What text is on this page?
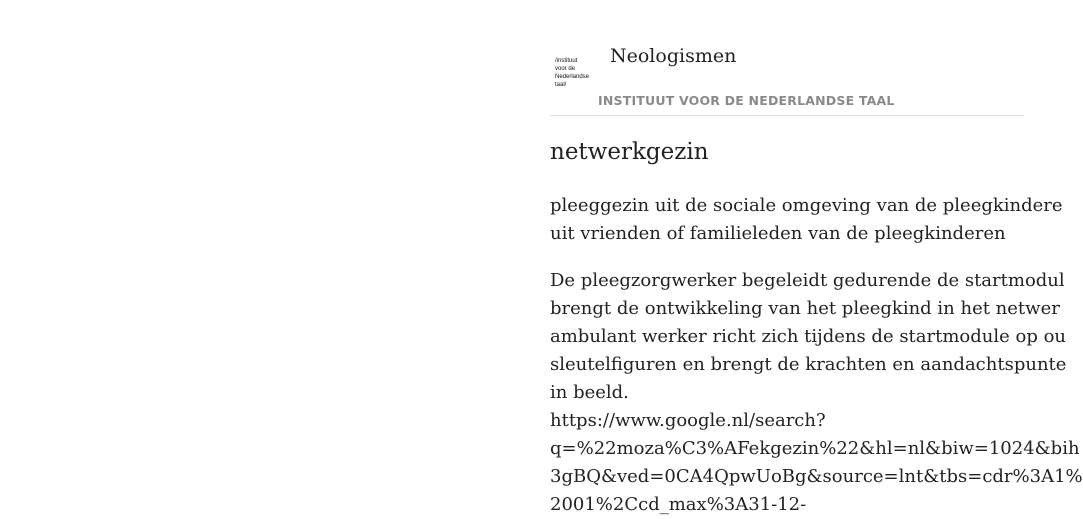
/instituut
voor de
Nederlandse
taal/
Neologismen
INSTITUUT VOOR DE NEDERLANDSE TAAL
netwerkgezin

pleeggezin uit de sociale omgeving van de pleegkindere
uit vrienden of familieleden van de pleegkinderen

De pleegzorgwerker begeleidt gedurende de startmodul
brengt de ontwikkeling van het pleegkind in het netwer
ambulant werker richt zich tijdens de startmodule op ou
sleutelfiguren en brengt de krachten en aandachtspunte
in beeld.
https://www.google.nl/search?
q=%22moza%C3%AFekgezin%22&hl=nl&biw=1024&bih
3gBQ&ved=0CA4QpwUoBg&source=lnt&tbs=cdr%3A1%
2001%2Ccd_max%3A31-12-
